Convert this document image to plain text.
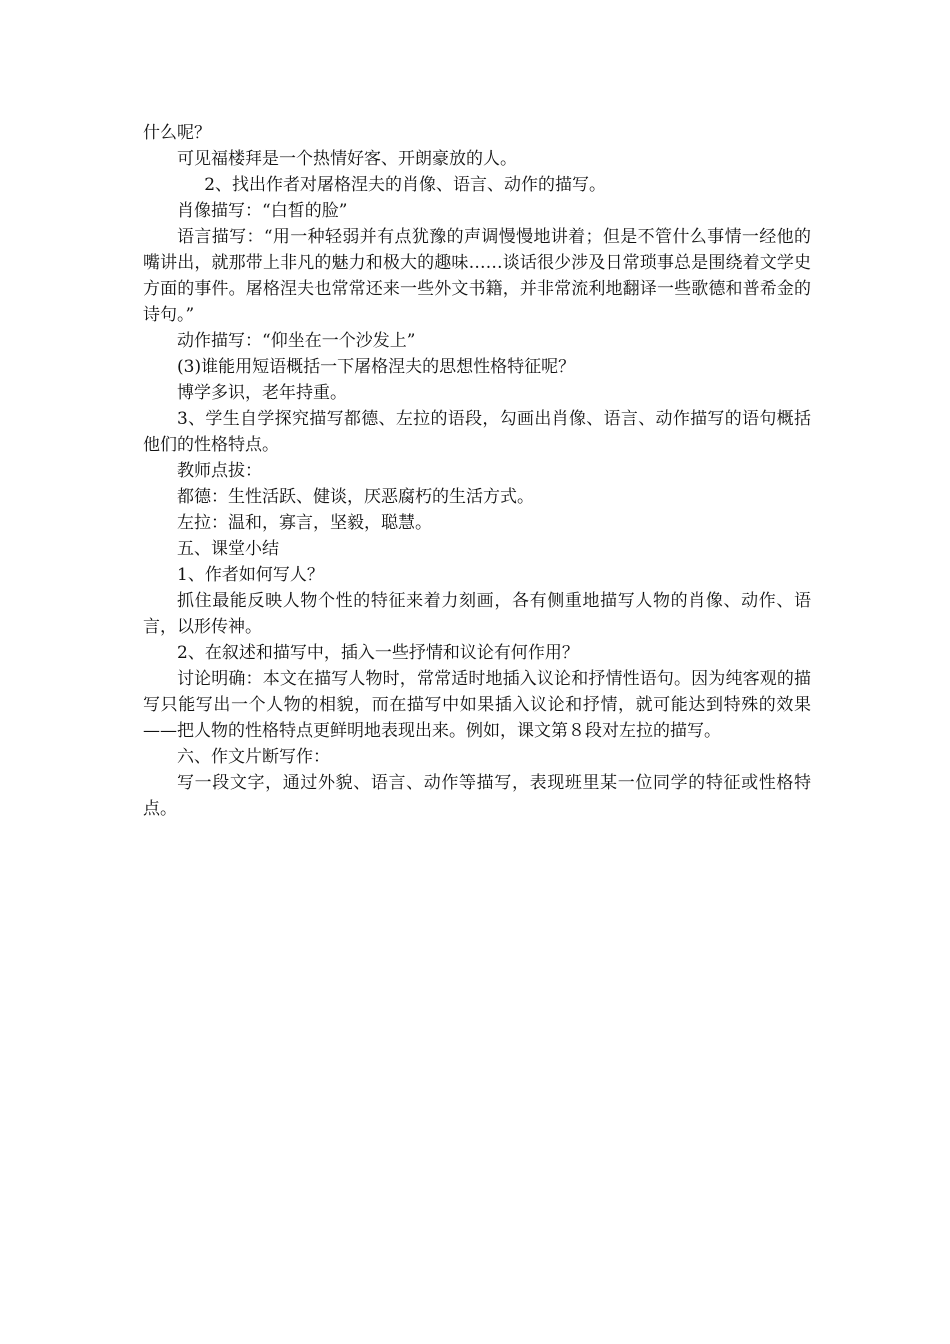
什么呢？

可见福楼拜是一个热情好客、开朗豪放的人。

2、找出作者对屠格涅夫的肖像、语言、动作的描写。

肖像描写：“白皙的脸”

语言描写：“用一种轻弱并有点犹豫的声调慢慢地讲着；但是不管什么事情一经他的嘴讲出，就那带上非凡的魅力和极大的趣味……谈话很少涉及日常琐事总是围绕着文学史方面的事件。屠格涅夫也常常还来一些外文书籍，并非常流利地翻译一些歌德和普希金的诗句。”

动作描写：“仰坐在一个沙发上”

(3)谁能用短语概括一下屠格涅夫的思想性格特征呢？

博学多识，老年持重。

3、学生自学探究描写都德、左拉的语段，勾画出肖像、语言、动作描写的语句概括他们的性格特点。

教师点拔：

都德：生性活跃、健谈，厌恶腐朽的生活方式。

左拉：温和，寡言，坚毅，聪慧。

五、课堂小结

1、作者如何写人？

抓住最能反映人物个性的特征来着力刻画，各有侧重地描写人物的肖像、动作、语言，以形传神。

2、在叙述和描写中，插入一些抒情和议论有何作用？

讨论明确：本文在描写人物时，常常适时地插入议论和抒情性语句。因为纯客观的描写只能写出一个人物的相貌，而在描写中如果插入议论和抒情，就可能达到特殊的效果——把人物的性格特点更鲜明地表现出来。例如，课文第８段对左拉的描写。

六、作文片断写作：

写一段文字，通过外貌、语言、动作等描写，表现班里某一位同学的特征或性格特点。
